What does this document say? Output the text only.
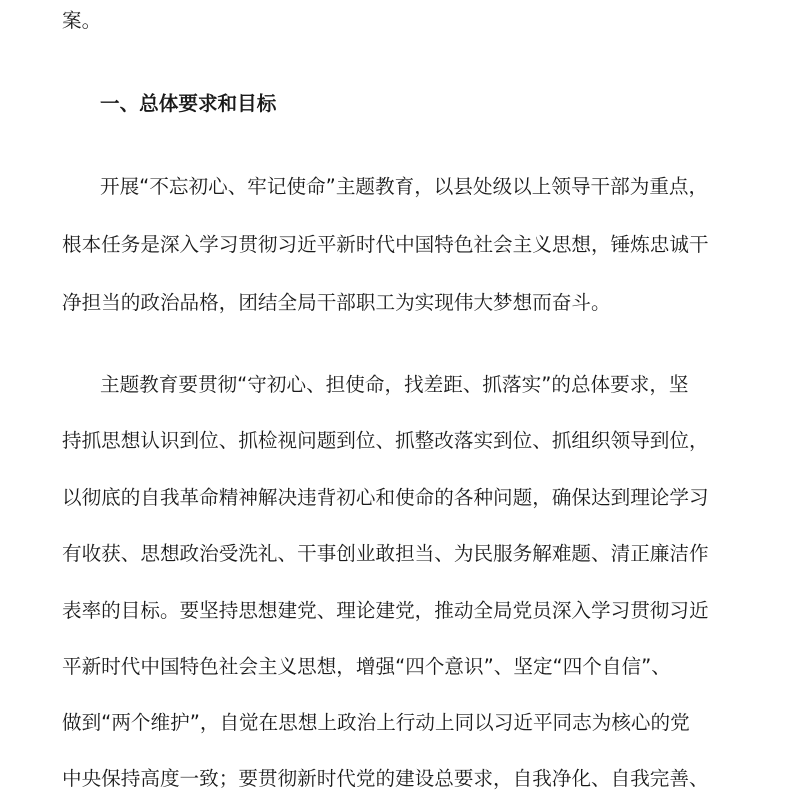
案。
一、总体要求和目标
开展“不忘初心、牢记使命”主题教育，以县处级以上领导干部为重点，
根本任务是深入学习贯彻习近平新时代中国特色社会主义思想，锤炼忠诚干
净担当的政治品格，团结全局干部职工为实现伟大梦想而奋斗。
主题教育要贯彻“守初心、担使命，找差距、抓落实”的总体要求，坚
持抓思想认识到位、抓检视问题到位、抓整改落实到位、抓组织领导到位，
以彻底的自我革命精神解决违背初心和使命的各种问题，确保达到理论学习
有收获、思想政治受洗礼、干事创业敢担当、为民服务解难题、清正廉洁作
表率的目标。要坚持思想建党、理论建党，推动全局党员深入学习贯彻习近
平新时代中国特色社会主义思想，增强“四个意识”、坚定“四个自信”、
做到“两个维护”，自觉在思想上政治上行动上同以习近平同志为核心的党
中央保持高度一致；要贯彻新时代党的建设总要求，自我净化、自我完善、
